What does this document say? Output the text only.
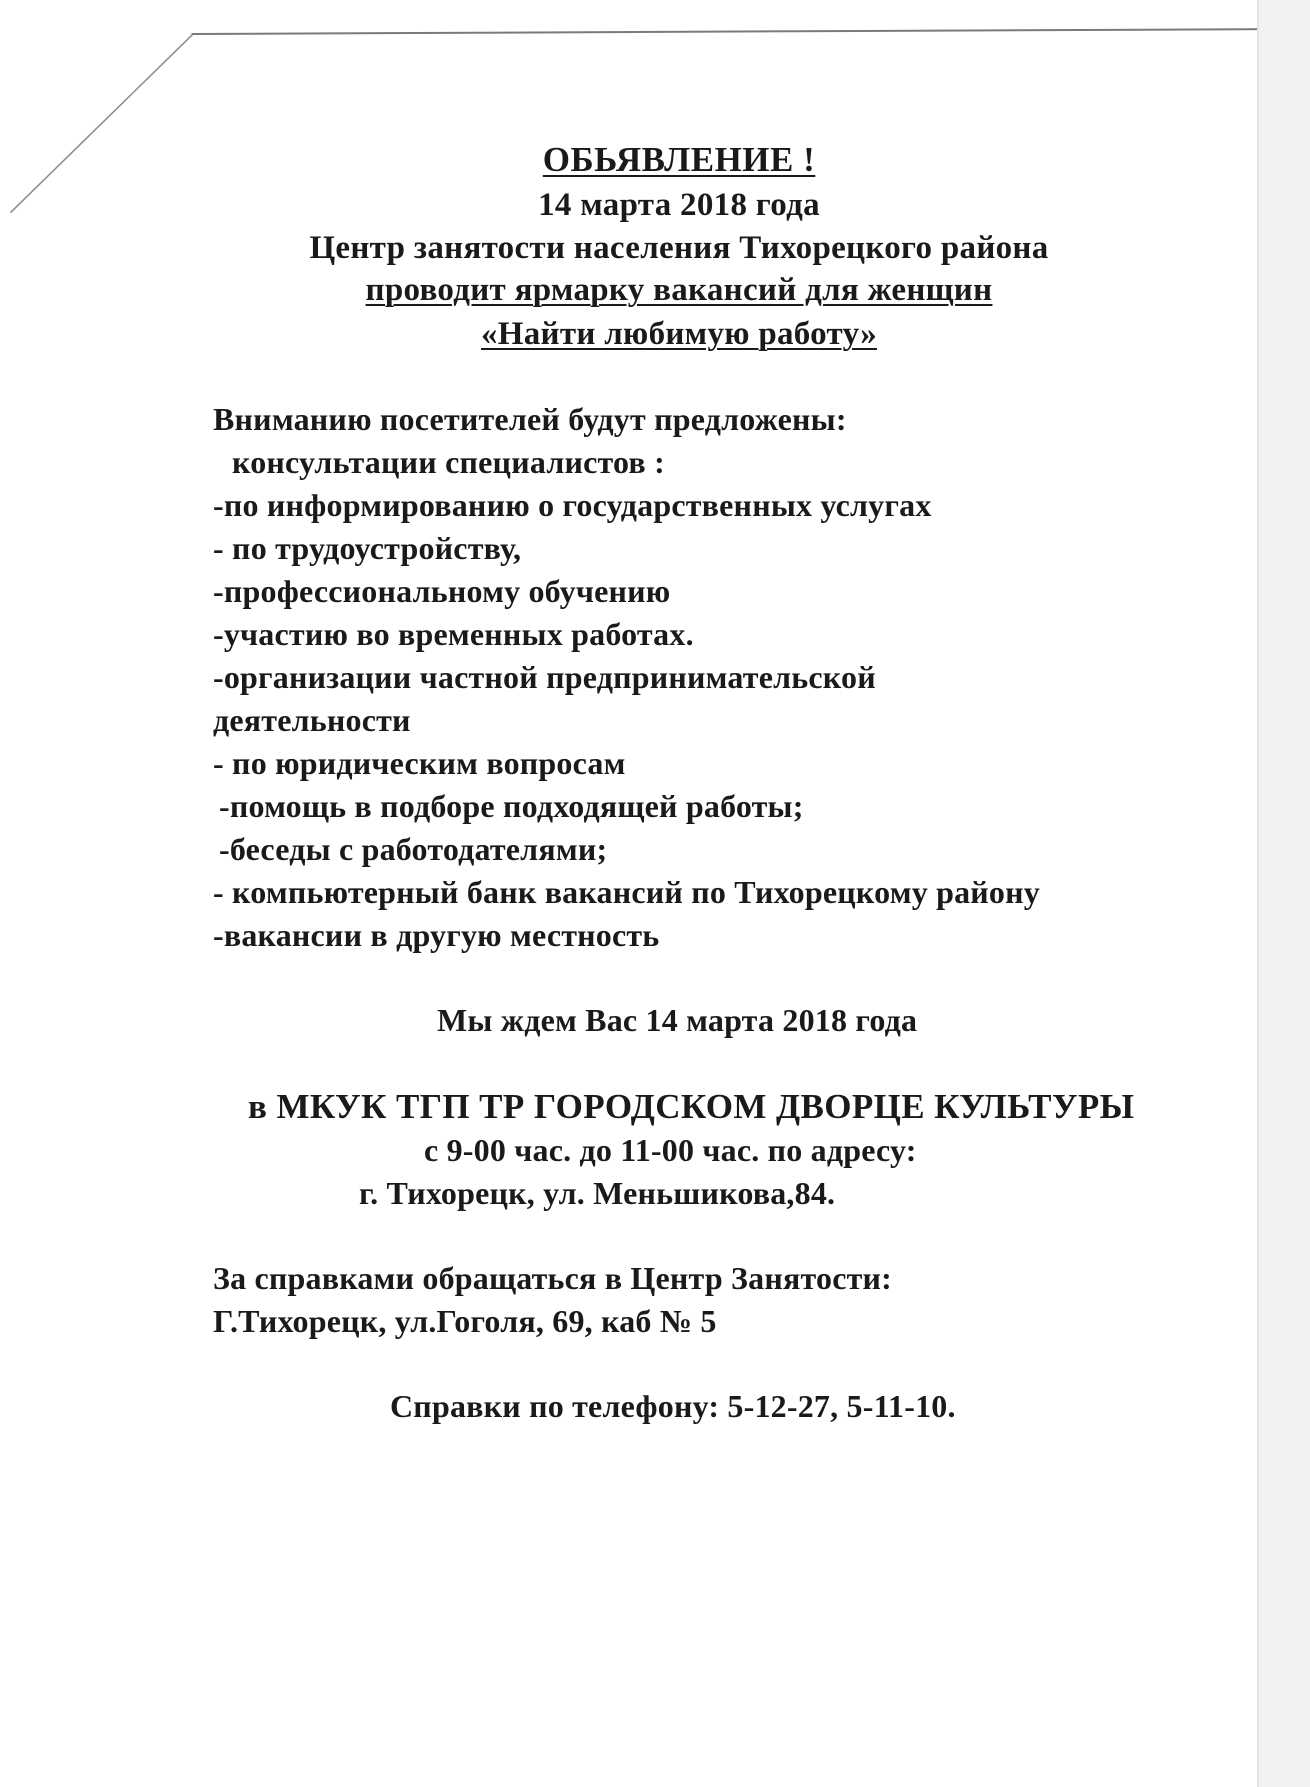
ОБЬЯВЛЕНИЕ !
14 марта 2018 года
Центр занятости населения Тихорецкого района
проводит ярмарку вакансий для женщин
«Найти любимую работу»
Вниманию посетителей будут предложены:
консультации специалистов :
-по информированию о государственных услугах
- по трудоустройству,
-профессиональному обучению
-участию во временных работах.
-организации частной предпринимательской
деятельности
- по юридическим вопросам
-помощь в подборе подходящей работы;
-беседы с работодателями;
- компьютерный банк вакансий по Тихорецкому району
-вакансии в другую местность
Мы ждем Вас 14 марта 2018 года
в МКУК ТГП ТР ГОРОДСКОМ ДВОРЦЕ КУЛЬТУРЫ
с 9-00 час. до 11-00 час. по адресу:
г. Тихорецк, ул. Меньшикова,84.
За справками обращаться в Центр Занятости:
Г.Тихорецк, ул.Гоголя, 69, каб № 5
Справки по телефону: 5-12-27, 5-11-10.
